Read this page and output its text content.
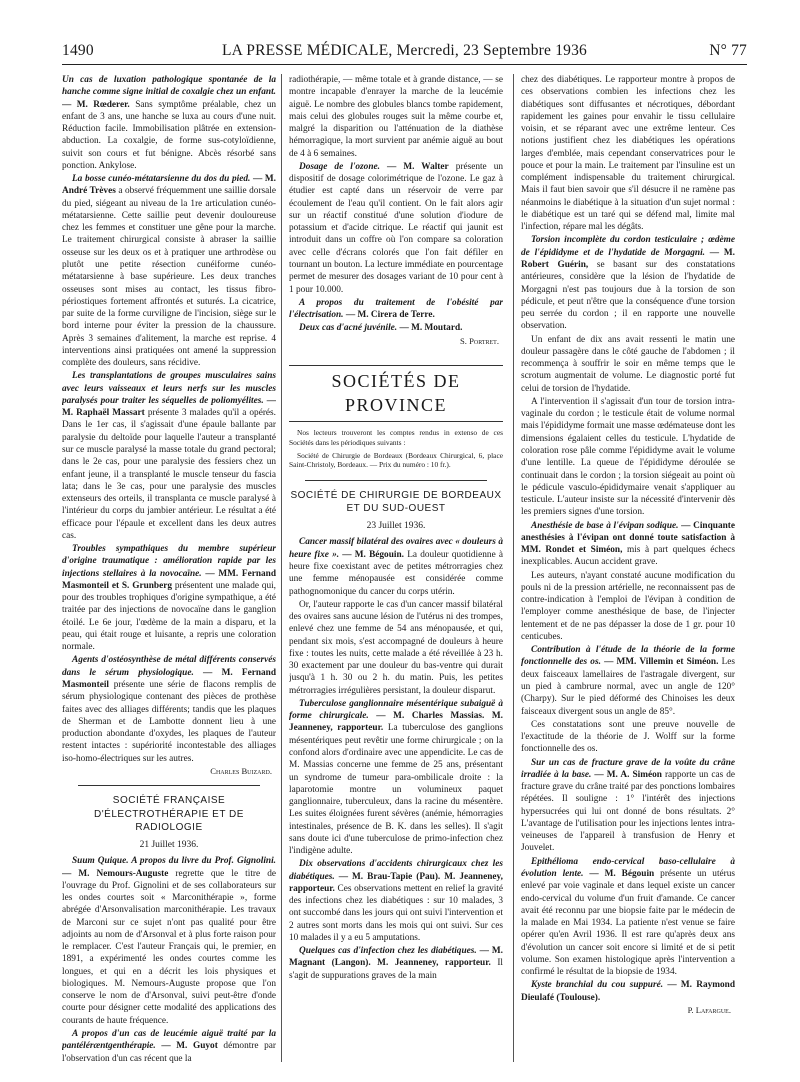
1490	LA PRESSE MÉDICALE, Mercredi, 23 Septembre 1936	N° 77

Un cas de luxation pathologique spontanée de la hanche comme signe initial de coxalgie chez un enfant. — M. Rœderer. Sans symptôme préalable, chez un enfant de 3 ans, une hanche se luxa au cours d'une nuit. Réduction facile. Immobilisation plâtrée en extension-abduction. La coxalgie, de forme sus-cotyloïdienne, suivit son cours et fut bénigne. Abcès résorbé sans ponction. Ankylose.

La bosse cunéo-métatarsienne du dos du pied. — M. André Trèves a observé fréquemment une saillie dorsale du pied, siégeant au niveau de la 1re articulation cunéo-métatarsienne. Cette saillie peut devenir douloureuse chez les femmes et constituer une gêne pour la marche. Le traitement chirurgical consiste à abraser la saillie osseuse sur les deux os et à pratiquer une arthrodèse ou plutôt une petite résection cunéiforme cunéo-métatarsienne à base supérieure. Les deux tranches osseuses sont mises au contact, les tissus fibro-périostiques fortement affrontés et suturés. La cicatrice, par suite de la forme curviligne de l'incision, siège sur le bord interne pour éviter la pression de la chaussure. Après 3 semaines d'alitement, la marche est reprise. 4 interventions ainsi pratiquées ont amené la suppression complète des douleurs, sans récidive.

Les transplantations de groupes musculaires sains avec leurs vaisseaux et leurs nerfs sur les muscles paralysés pour traiter les séquelles de poliomyélites. — M. Raphaël Massart présente 3 malades qu'il a opérés. Dans le 1er cas, il s'agissait d'une épaule ballante par paralysie du deltoïde pour laquelle l'auteur a transplanté sur ce muscle paralysé la masse totale du grand pectoral; dans le 2e cas, pour une paralysie des fessiers chez un enfant jeune, il a transplanté le muscle tenseur du fascia lata; dans le 3e cas, pour une paralysie des muscles extenseurs des orteils, il transplanta ce muscle paralysé à l'intérieur du corps du jambier antérieur. Le résultat a été efficace pour l'épaule et excellent dans les deux autres cas.

Troubles sympathiques du membre supérieur d'origine traumatique : amélioration rapide par les injections stellaires à la novocaïne. — MM. Fernand Masmonteil et S. Grunberg présentent une malade qui, pour des troubles trophiques d'origine sympathique, a été traitée par des injections de novocaïne dans le ganglion étoilé. Le 6e jour, l'œdème de la main a disparu, et la peau, qui était rouge et luisante, a repris une coloration normale.

Agents d'ostéosynthèse de métal différents conservés dans le sérum physiologique. — M. Fernand Masmonteil présente une série de flacons remplis de sérum physiologique contenant des pièces de prothèse faites avec des alliages différents; tandis que les plaques de Sherman et de Lambotte donnent lieu à une production abondante d'oxydes, les plaques de l'auteur restent intactes : supériorité incontestable des alliages iso-homo-électriques sur les autres.

Charles Buizard.
SOCIÉTÉ FRANÇAISE D'ÉLECTROTHÉRAPIE ET DE RADIOLOGIE
21 Juillet 1936.

Suum Quique. A propos du livre du Prof. Gignolini. — M. Nemours-Auguste regrette que le titre de l'ouvrage du Prof. Gignolini et de ses collaborateurs sur les ondes courtes soit « Marconithérapie », forme abrégée d'Arsonvalisation marconithérapie. Les travaux de Marconi sur ce sujet n'ont pas qualité pour être adjoints au nom de d'Arsonval et à plus forte raison pour le remplacer. C'est l'auteur Français qui, le premier, en 1891, a expérimenté les ondes courtes comme les longues, et qui en a décrit les lois physiques et biologiques. M. Nemours-Auguste propose que l'on conserve le nom de d'Arsonval, suivi peut-être d'onde courte pour désigner cette modalité des applications des courants de haute fréquence.

A propos d'un cas de leucémie aiguë traité par la pantéléræntgenthérapie. — M. Guyot démontre par l'observation d'un cas récent que la

radiothérapie, — même totale et à grande distance, — se montre incapable d'enrayer la marche de la leucémie aiguë. Le nombre des globules blancs tombe rapidement, mais celui des globules rouges suit la même courbe et, malgré la disparition ou l'atténuation de la diathèse hémorragique, la mort survient par anémie aiguë au bout de 4 à 6 semaines.

Dosage de l'ozone. — M. Walter présente un dispositif de dosage colorimétrique de l'ozone. Le gaz à étudier est capté dans un réservoir de verre par écoulement de l'eau qu'il contient. On le fait alors agir sur un réactif constitué d'une solution d'iodure de potassium et d'acide citrique. Le réactif qui jaunit est introduit dans un coffre où l'on compare sa coloration avec celle d'écrans colorés que l'on fait défiler en tournant un bouton. La lecture immédiate en pourcentage permet de mesurer des dosages variant de 10 pour cent à 1 pour 10.000.

A propos du traitement de l'obésité par l'électrisation. — M. Cirera de Terre.

Deux cas d'acné juvénile. — M. Moutard.

S. Portret.
SOCIÉTÉS DE PROVINCE

Nos lecteurs trouveront les comptes rendus in extenso de ces Sociétés dans les périodiques suivants :

Société de Chirurgie de Bordeaux (Bordeaux Chirurgical, 6, place Saint-Christoly, Bordeaux. — Prix du numéro : 10 fr.).

SOCIÉTÉ DE CHIRURGIE DE BORDEAUX ET DU SUD-OUEST
23 Juillet 1936.

Cancer massif bilatéral des ovaires avec « douleurs à heure fixe ». — M. Bégouin. La douleur quotidienne à heure fixe coexistant avec de petites métrorragies chez une femme ménopausée est considérée comme pathognomonique du cancer du corps utérin.

Or, l'auteur rapporte le cas d'un cancer massif bilatéral des ovaires sans aucune lésion de l'utérus ni des trompes, enlevé chez une femme de 54 ans ménopausée, et qui, pendant six mois, s'est accompagné de douleurs à heure fixe : toutes les nuits, cette malade a été réveillée à 23 h. 30 exactement par une douleur du bas-ventre qui durait jusqu'à 1 h. 30 ou 2 h. du matin. Puis, les petites métrorragies irrégulières persistant, la douleur disparut.

Tuberculose ganglionnaire mésentérique subaiguë à forme chirurgicale. — M. Charles Massias. M. Jeanneney, rapporteur. La tuberculose des ganglions mésentériques peut revêtir une forme chirurgicale ; on la confond alors d'ordinaire avec une appendicite. Le cas de M. Massias concerne une femme de 25 ans, présentant un syndrome de tumeur para-ombilicale droite : la laparotomie montre un volumineux paquet ganglionnaire, tuberculeux, dans la racine du mésentère. Les suites éloignées furent sévères (anémie, hémorragies intestinales, présence de B. K. dans les selles). Il s'agit sans doute ici d'une tuberculose de primo-infection chez l'indigène adulte.

Dix observations d'accidents chirurgicaux chez les diabétiques. — M. Brau-Tapie (Pau). M. Jeanneney, rapporteur. Ces observations mettent en relief la gravité des infections chez les diabétiques : sur 10 malades, 3 ont succombé dans les jours qui ont suivi l'intervention et 2 autres sont morts dans les mois qui ont suivi. Sur ces 10 malades il y a eu 5 amputations.

Quelques cas d'infection chez les diabétiques. — M. Magnant (Langon). M. Jeanneney, rapporteur. Il s'agit de suppurations graves de la main

chez des diabétiques. Le rapporteur montre à propos de ces observations combien les infections chez les diabétiques sont diffusantes et nécrotiques, débordant rapidement les gaines pour envahir le tissu cellulaire voisin, et se réparant avec une extrême lenteur. Ces notions justifient chez les diabétiques les opérations larges d'emblée, mais cependant conservatrices pour le pouce et pour la main. Le traitement par l'insuline est un complément indispensable du traitement chirurgical. Mais il faut bien savoir que s'il désucre il ne ramène pas néanmoins le diabétique à la situation d'un sujet normal : le diabétique est un taré qui se défend mal, limite mal l'infection, répare mal les dégâts.

Torsion incomplète du cordon testiculaire ; œdème de l'épididyme et de l'hydatide de Morgagni. — M. Robert Guérin, se basant sur des constatations antérieures, considère que la lésion de l'hydatide de Morgagni n'est pas toujours due à la torsion de son pédicule, et peut n'être que la conséquence d'une torsion peu serrée du cordon ; il en rapporte une nouvelle observation.

Un enfant de dix ans avait ressenti le matin une douleur passagère dans le côté gauche de l'abdomen ; il recommença à souffrir le soir en même temps que le scrotum augmentait de volume. Le diagnostic porté fut celui de torsion de l'hydatide.

A l'intervention il s'agissait d'un tour de torsion intra-vaginale du cordon ; le testicule était de volume normal mais l'épididyme formait une masse œdémateuse dont les dimensions égalaient celles du testicule. L'hydatide de coloration rose pâle comme l'épididyme avait le volume d'une lentille. La queue de l'épididyme déroulée se continuait dans le cordon ; la torsion siégeait au point où le pédicule vasculo-épididymaire venait s'appliquer au testicule. L'auteur insiste sur la nécessité d'intervenir dès les premiers signes d'une torsion.

Anesthésie de base à l'évipan sodique. — Cinquante anesthésies à l'évipan ont donné toute satisfaction à MM. Rondet et Siméon, mis à part quelques échecs inexplicables. Aucun accident grave.

Les auteurs, n'ayant constaté aucune modification du pouls ni de la pression artérielle, ne reconnaissent pas de contre-indication à l'emploi de l'évipan à condition de l'employer comme anesthésique de base, de l'injecter lentement et de ne pas dépasser la dose de 1 gr. pour 10 centicubes.

Contribution à l'étude de la théorie de la forme fonctionnelle des os. — MM. Villemin et Siméon. Les deux faisceaux lamellaires de l'astragale divergent, sur un pied à cambrure normal, avec un angle de 120° (Charpy). Sur le pied déformé des Chinoises les deux faisceaux divergent sous un angle de 85°.

Ces constatations sont une preuve nouvelle de l'exactitude de la théorie de J. Wolff sur la forme fonctionnelle des os.

Sur un cas de fracture grave de la voûte du crâne irradiée à la base. — M. A. Siméon rapporte un cas de fracture grave du crâne traité par des ponctions lombaires répétées. Il souligne : 1° l'intérêt des injections hypersucrées qui lui ont donné de bons résultats. 2° L'avantage de l'utilisation pour les injections lentes intra-veineuses de l'appareil à transfusion de Henry et Jouvelet.

Epithélioma endo-cervical baso-cellulaire à évolution lente. — M. Bégouin présente un utérus enlevé par voie vaginale et dans lequel existe un cancer endo-cervical du volume d'un fruit d'amande. Ce cancer avait été reconnu par une biopsie faite par le médecin de la malade en Mai 1934. La patiente n'est venue se faire opérer qu'en Avril 1936. Il est rare qu'après deux ans d'évolution un cancer soit encore si limité et de si petit volume. Son examen histologique après l'intervention a confirmé le résultat de la biopsie de 1934.

Kyste branchial du cou suppuré. — M. Raymond Dieulafé (Toulouse).

P. Lafargue.
